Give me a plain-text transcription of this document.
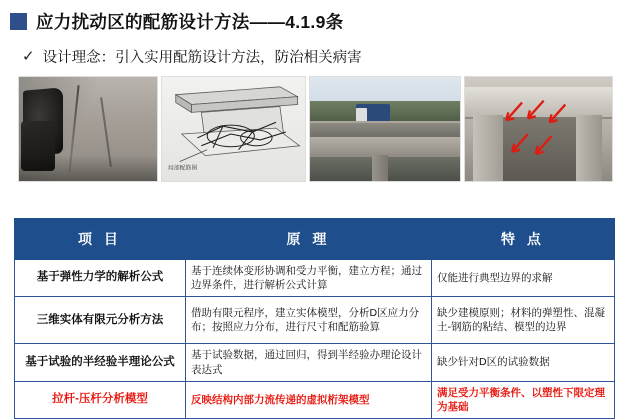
应力扰动区的配筋设计方法——4.1.9条
✓ 设计理念：引入实用配筋设计方法，防治相关病害
局部配筋图
项 目	原 理	特 点
基于弹性力学的解析公式	基于连续体变形协调和受力平衡，建立方程；通过边界条件，进行解析公式计算	仅能进行典型边界的求解
三维实体有限元分析方法	借助有限元程序，建立实体模型，分析D区应力分布；按照应力分布，进行尺寸和配筋验算	缺少建模原则；材料的弹塑性、混凝土-钢筋的粘结、模型的边界
基于试验的半经验半理论公式	基于试验数据，通过回归，得到半经验办理论设计表达式	缺少针对D区的试验数据
拉杆-压杆分析模型	反映结构内部力流传递的虚拟桁架模型	满足受力平衡条件、以塑性下限定理为基础
